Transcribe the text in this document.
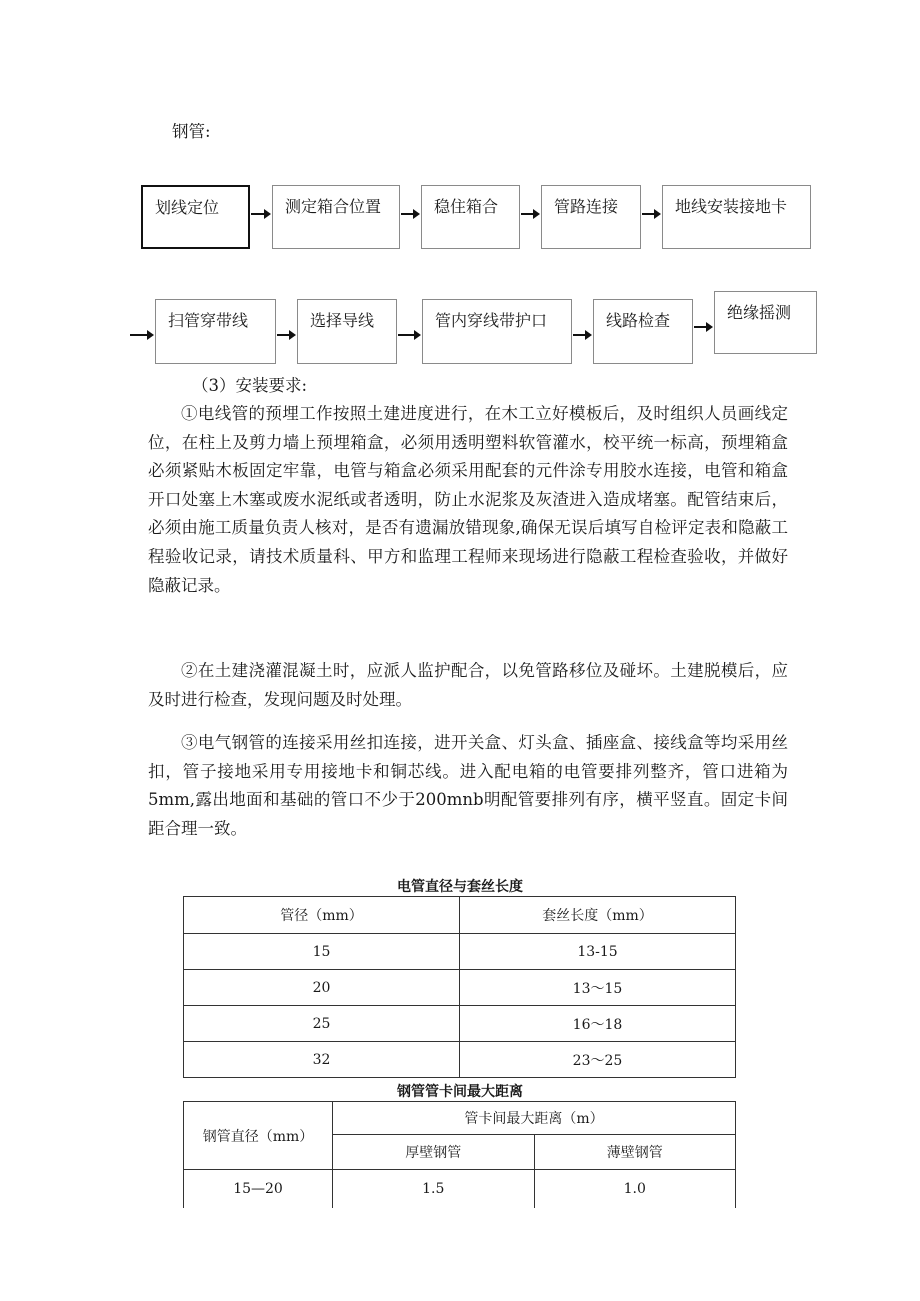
钢管:
划线定位	测定箱合位置	稳住箱合	管路连接	地线安装接地卡
扫管穿带线	选择导线	管内穿线带护口	线路检查	绝缘摇测
（3）安装要求:
①电线管的预埋工作按照土建进度进行，在木工立好模板后，及时组织人员画线定位，在柱上及剪力墙上预埋箱盒，必须用透明塑料软管灌水，校平统一标高，预埋箱盒必须紧贴木板固定牢靠，电管与箱盒必须采用配套的元件涂专用胶水连接，电管和箱盒开口处塞上木塞或废水泥纸或者透明，防止水泥浆及灰渣进入造成堵塞。配管结束后，必须由施工质量负责人核对，是否有遗漏放错现象,确保无误后填写自检评定表和隐蔽工程验收记录，请技术质量科、甲方和监理工程师来现场进行隐蔽工程检查验收，并做好隐蔽记录。
②在土建浇灌混凝土时，应派人监护配合，以免管路移位及碰坏。土建脱模后，应及时进行检查，发现问题及时处理。
③电气钢管的连接采用丝扣连接，进开关盒、灯头盒、插座盒、接线盒等均采用丝扣，管子接地采用专用接地卡和铜芯线。进入配电箱的电管要排列整齐，管口进箱为5mm,露出地面和基础的管口不少于200mnb明配管要排列有序，横平竖直。固定卡间距合理一致。
电管直径与套丝长度
管径（mm）	套丝长度（mm）
15	13-15
20	13～15
25	16～18
32	23～25
钢管管卡间最大距离
钢管直径（mm）	管卡间最大距离（m）	
	厚壁钢管	薄壁钢管
15—20	1.5	1.0
